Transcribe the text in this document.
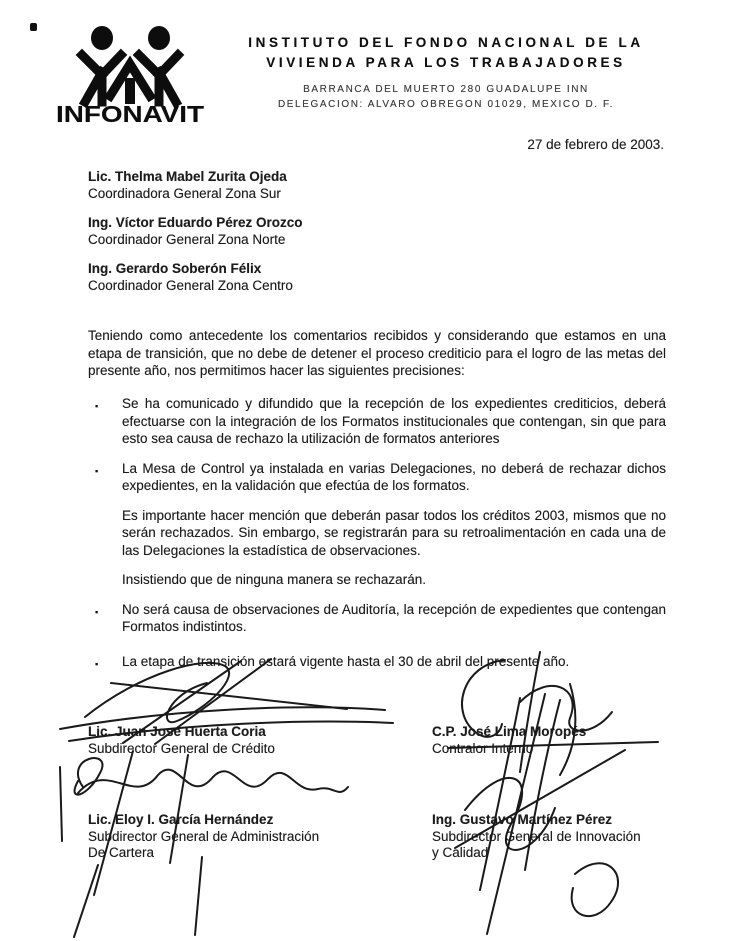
INFONAVIT
INSTITUTO DEL FONDO NACIONAL DE LA
VIVIENDA PARA LOS TRABAJADORES
BARRANCA DEL MUERTO 280 GUADALUPE INN
DELEGACION: ALVARO OBREGON 01029, MEXICO D. F.
27 de febrero de 2003.
Lic. Thelma Mabel Zurita Ojeda
Coordinadora General Zona Sur
Ing. Víctor Eduardo Pérez Orozco
Coordinador General Zona Norte
Ing. Gerardo Soberón Félix
Coordinador General Zona Centro

Teniendo como antecedente los comentarios recibidos y considerando que estamos en una etapa de transición, que no debe de detener el proceso crediticio para el logro de las metas del presente año, nos permitimos hacer las siguientes precisiones:

▪ Se ha comunicado y difundido que la recepción de los expedientes crediticios, deberá efectuarse con la integración de los Formatos institucionales que contengan, sin que para esto sea causa de rechazo la utilización de formatos anteriores

▪ La Mesa de Control ya instalada en varias Delegaciones, no deberá de rechazar dichos expedientes, en la validación que efectúa de los formatos.

Es importante hacer mención que deberán pasar todos los créditos 2003, mismos que no serán rechazados. Sin embargo, se registrarán para su retroalimentación en cada una de las Delegaciones la estadística de observaciones.

Insistiendo que de ninguna manera se rechazarán.

▪ No será causa de observaciones de Auditoría, la recepción de expedientes que contengan Formatos indistintos.

▪ La etapa de transición estará vigente hasta el 30 de abril del presente año.

Lic. Juan José Huerta Coria
Subdirector General de Crédito
C.P. José Lima Moropés
Contralor Interno
Lic. Eloy I. García Hernández
Subdirector General de Administración
De Cartera
Ing. Gustavo Martínez Pérez
Subdirector General de Innovación
y Calidad
